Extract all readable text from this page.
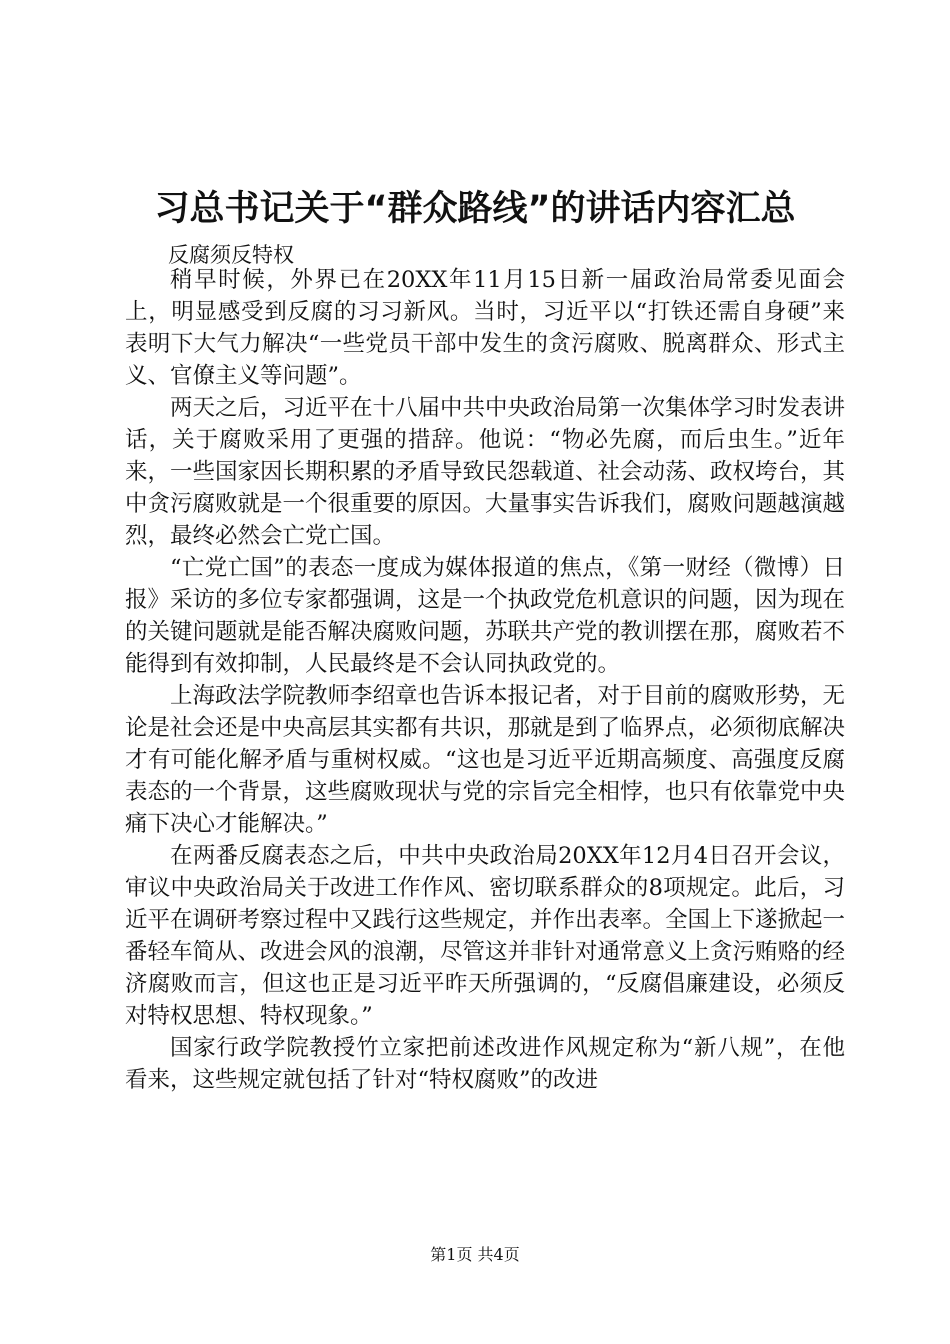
习总书记关于“群众路线”的讲话内容汇总
反腐须反特权

稍早时候，外界已在20XX年11月15日新一届政治局常委见面会上，明显感受到反腐的习习新风。当时，习近平以“打铁还需自身硬”来表明下大气力解决“一些党员干部中发生的贪污腐败、脱离群众、形式主义、官僚主义等问题”。

两天之后，习近平在十八届中共中央政治局第一次集体学习时发表讲话，关于腐败采用了更强的措辞。他说：“物必先腐，而后虫生。”近年来，一些国家因长期积累的矛盾导致民怨载道、社会动荡、政权垮台，其中贪污腐败就是一个很重要的原因。大量事实告诉我们，腐败问题越演越烈，最终必然会亡党亡国。

“亡党亡国”的表态一度成为媒体报道的焦点，《第一财经（微博）日报》采访的多位专家都强调，这是一个执政党危机意识的问题，因为现在的关键问题就是能否解决腐败问题，苏联共产党的教训摆在那，腐败若不能得到有效抑制，人民最终是不会认同执政党的。

上海政法学院教师李绍章也告诉本报记者，对于目前的腐败形势，无论是社会还是中央高层其实都有共识，那就是到了临界点，必须彻底解决才有可能化解矛盾与重树权威。“这也是习近平近期高频度、高强度反腐表态的一个背景，这些腐败现状与党的宗旨完全相悖，也只有依靠党中央痛下决心才能解决。”

在两番反腐表态之后，中共中央政治局20XX年12月4日召开会议，审议中央政治局关于改进工作作风、密切联系群众的8项规定。此后，习近平在调研考察过程中又践行这些规定，并作出表率。全国上下遂掀起一番轻车简从、改进会风的浪潮，尽管这并非针对通常意义上贪污贿赂的经济腐败而言，但这也正是习近平昨天所强调的，“反腐倡廉建设，必须反对特权思想、特权现象。”

国家行政学院教授竹立家把前述改进作风规定称为“新八规”，在他看来，这些规定就包括了针对“特权腐败”的改进

第1页 共4页
